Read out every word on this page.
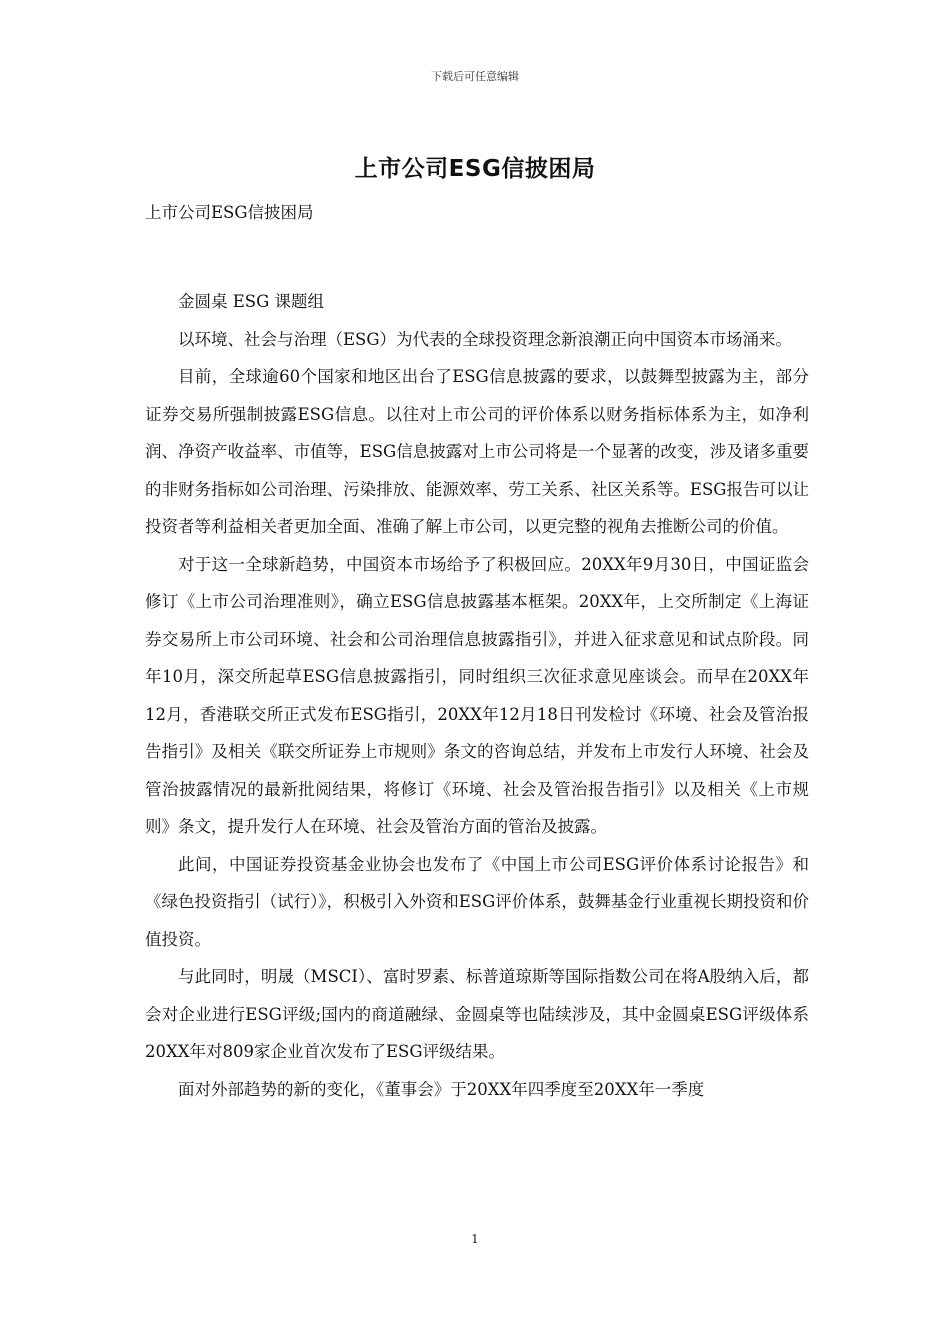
下载后可任意编辑
上市公司ESG信披困局
上市公司ESG信披困局

金圆桌 ESG 课题组

以环境、社会与治理（ESG）为代表的全球投资理念新浪潮正向中国资本市场涌来。

目前，全球逾60个国家和地区出台了ESG信息披露的要求，以鼓舞型披露为主，部分证券交易所强制披露ESG信息。以往对上市公司的评价体系以财务指标体系为主，如净利润、净资产收益率、市值等，ESG信息披露对上市公司将是一个显著的改变，涉及诸多重要的非财务指标如公司治理、污染排放、能源效率、劳工关系、社区关系等。ESG报告可以让投资者等利益相关者更加全面、准确了解上市公司，以更完整的视角去推断公司的价值。

对于这一全球新趋势，中国资本市场给予了积极回应。20XX年9月30日，中国证监会修订《上市公司治理准则》，确立ESG信息披露基本框架。20XX年，上交所制定《上海证券交易所上市公司环境、社会和公司治理信息披露指引》，并进入征求意见和试点阶段。同年10月，深交所起草ESG信息披露指引，同时组织三次征求意见座谈会。而早在20XX年12月，香港联交所正式发布ESG指引，20XX年12月18日刊发检讨《环境、社会及管治报告指引》及相关《联交所证券上市规则》条文的咨询总结，并发布上市发行人环境、社会及管治披露情况的最新批阅结果，将修订《环境、社会及管治报告指引》以及相关《上市规则》条文，提升发行人在环境、社会及管治方面的管治及披露。

此间，中国证券投资基金业协会也发布了《中国上市公司ESG评价体系讨论报告》和《绿色投资指引（试行）》，积极引入外资和ESG评价体系，鼓舞基金行业重视长期投资和价值投资。

与此同时，明晟（MSCI）、富时罗素、标普道琼斯等国际指数公司在将A股纳入后，都会对企业进行ESG评级;国内的商道融绿、金圆桌等也陆续涉及，其中金圆桌ESG评级体系20XX年对809家企业首次发布了ESG评级结果。

面对外部趋势的新的变化，《董事会》于20XX年四季度至20XX年一季度

1
